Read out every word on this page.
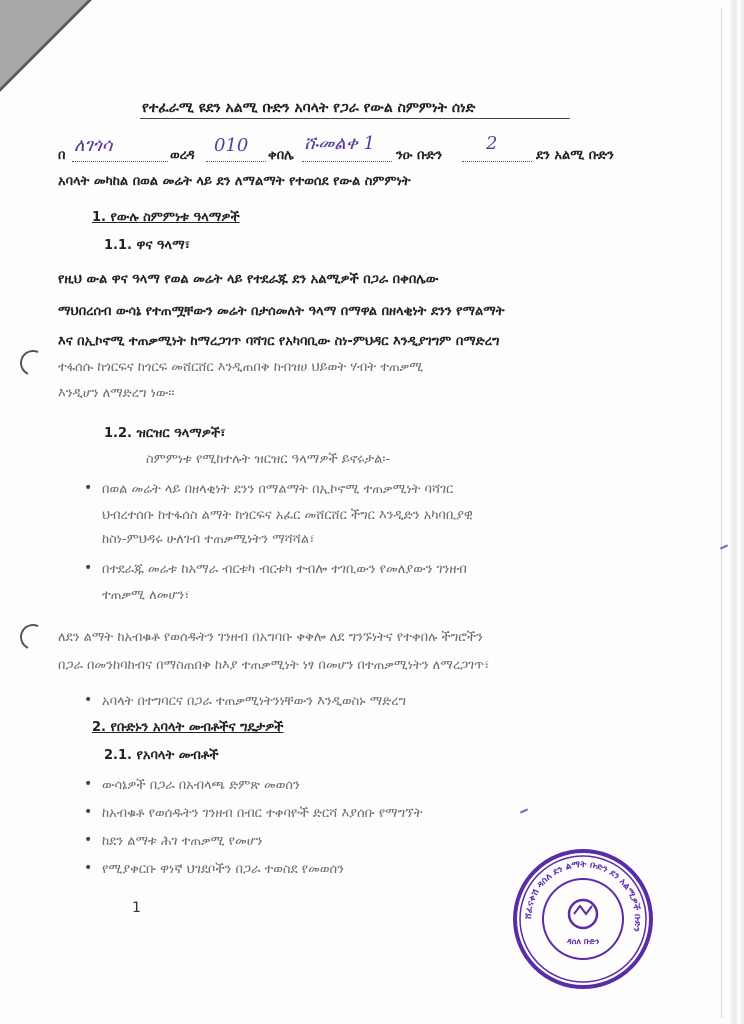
የተፈራሚ ዩደን አልሚ ቡድን አባላት የጋራ የውል ስምምነት ሰነድ
በ ለገጎሳ	ወረዳ 010 ቀበሌ
ሹመልቀ 1
ንዑ ቡድን
2
ደን አልሚ ቡድን
አባላት መካከል በወል መሬት ላይ ደን ለማልማት የተወሰደ የውል ስምምነት
1. የውሉ ስምምነቱ ዓላማዎች
1.1. ዋና ዓላማ፣
የዚህ ውል ዋና ዓላማ የወል መሬት ላይ የተደራጁ ደን አልሚዎች በጋራ በቀበሌው
ማህበረሰብ ውሳኔ የተጠሟቸውን መሬት በታሰመለት ዓላማ በማዋል በዘላቂነት ደንን የማልማት
እና በኢኮኖሚ ተጠቃሚነት ከማረጋገጥ ባሻገር የአካባቢው ስነ-ምህዳር እንዲያገግም በማድረግ
ተፋሰሱ ከጎርፍና ከጎርፍ መሸርሸር እንዲጠበቅ ከብዝሀ ህይወት ሃብት ተጠቃሚ
እንዲሆን ለማድረግ ነው፡፡
1.2. ዝርዝር ዓላማዎች፣
ስምምነቱ የሚከተሉት ዝርዝር ዓላማዎች ይኖሩታል፡-
• በወል መሬት ላይ በዘላቂነት ደንን በማልማት በኢኮኖሚ ተጠቃሚነት ባሻገር
ህብረተሰቡ ከተፋሰስ ልማት ከጎርፍና አፈር መሸርሸር ችግር እንዲድን አካባቢያዊ
ከስነ-ምህዳሩ ሁለገብ ተጠቃሚነትን ማሻሻል፣
• በተደራጁ መሬቱ ከአማራ ብርቱካ ብርቱካ ተብሎ ተገቢውን የመለያውን ገንዘብ
ተጠቃሚ ለመሆን፣
ለደን ልማት ከአብቁቶ የወሰዱትን ገንዘብ በአግባቡ ቀቅሎ ለደ ግንኙነትና የተቀበሉ ችግሮችን
በጋራ በመንከባከብና በማስጠበቅ ከእያ ተጠቃሚነት ነፃ በመሆን በተጠቃሚነትን ለማረጋገጥ፣
• አባላት በተግባርና በጋራ ተጠቃሚነትንነቸውን እንዲወስኑ ማድረግ
2. የቡድኑን አባላት መብቶችና ግዴታዎች
2.1. የአባላት መብቶች
• ውሳኔዎች በጋራ በአብላጫ ድምጽ መወሰን
• ከአብቁቶ የወሰዱትን ገንዘብ በብር ተቀባዮች ድርሻ እያሰቡ የማግኘት
• ከደን ልማቱ ሕገ ተጠቃሚ የመሆን
• የሚያቀርቡ ዋነኛ ህገደቦችን በጋራ ተወስደ የመወሰን
1
ሸፈናቀሽ ዳሰለ ደን ልማት ቡድን ደን አልሚዎች ቡድን
ዳሰለ ቡድን
